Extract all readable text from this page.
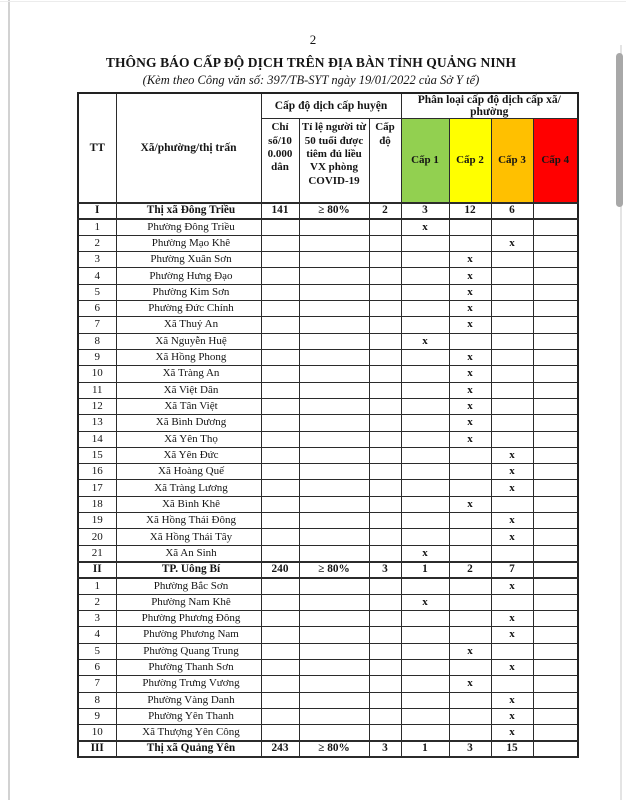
2
THÔNG BÁO CẤP ĐỘ DỊCH TRÊN ĐỊA BÀN TỈNH QUẢNG NINH
(Kèm theo Công văn số: 397/TB-SYT ngày 19/01/2022 của Sở Y tế)
TT	Xã/phường/thị trấn	Cấp độ dịch cấp huyện			Phân loại cấp độ dịch cấp xã/ phường			
		Chỉ số/10 0.000 dân	Tỉ lệ người từ 50 tuổi được tiêm đủ liều VX phòng COVID-19	Cấp độ	Cấp 1	Cấp 2	Cấp 3	Cấp 4
I	Thị xã Đông Triều	141	≥ 80%	2	3	12	6	
1	Phường Đông Triều				x			
2	Phường Mạo Khê						x	
3	Phường Xuân Sơn					x		
4	Phường Hưng Đạo					x		
5	Phường Kim Sơn					x		
6	Phường Đức Chính					x		
7	Xã Thuỷ An					x		
8	Xã Nguyễn Huệ				x			
9	Xã Hồng Phong					x		
10	Xã Tràng An					x		
11	Xã Việt Dân					x		
12	Xã Tân Việt					x		
13	Xã Bình Dương					x		
14	Xã Yên Thọ					x		
15	Xã Yên Đức						x	
16	Xã Hoàng Quế						x	
17	Xã Tràng Lương						x	
18	Xã Bình Khê					x		
19	Xã Hồng Thái Đông						x	
20	Xã Hồng Thái Tây						x	
21	Xã An Sinh				x			
II	TP. Uông Bí	240	≥ 80%	3	1	2	7	
1	Phường Bắc Sơn						x	
2	Phường Nam Khê				x			
3	Phường Phương Đông						x	
4	Phường Phương Nam						x	
5	Phường Quang Trung					x		
6	Phường Thanh Sơn						x	
7	Phường Trưng Vương					x		
8	Phường Vàng Danh						x	
9	Phường Yên Thanh						x	
10	Xã Thượng Yên Công						x	
III	Thị xã Quảng Yên	243	≥ 80%	3	1	3	15	
